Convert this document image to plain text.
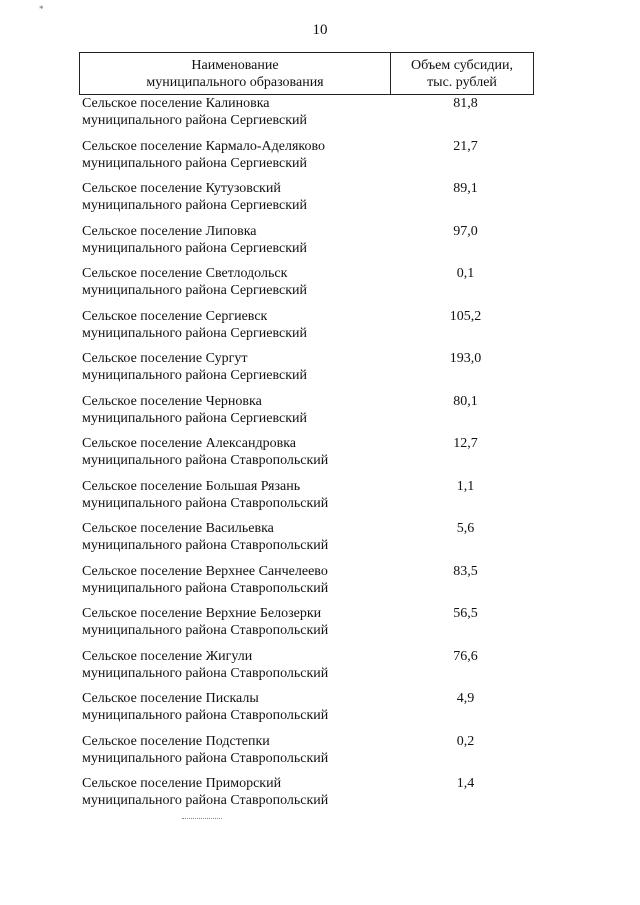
*
10
Наименование
муниципального образования
Объем субсидии,
тыс. рублей
Сельское поселение Калиновка
муниципального района Сергиевский
81,8
Сельское поселение Кармало-Аделяково
муниципального района Сергиевский
21,7
Сельское поселение Кутузовский
муниципального района Сергиевский
89,1
Сельское поселение Липовка
муниципального района Сергиевский
97,0
Сельское поселение Светлодольск
муниципального района Сергиевский
0,1
Сельское поселение Сергиевск
муниципального района Сергиевский
105,2
Сельское поселение Сургут
муниципального района Сергиевский
193,0
Сельское поселение Черновка
муниципального района Сергиевский
80,1
Сельское поселение Александровка
муниципального района Ставропольский
12,7
Сельское поселение Большая Рязань
муниципального района Ставропольский
1,1
Сельское поселение Васильевка
муниципального района Ставропольский
5,6
Сельское поселение Верхнее Санчелеево
муниципального района Ставропольский
83,5
Сельское поселение Верхние Белозерки
муниципального района Ставропольский
56,5
Сельское поселение Жигули
муниципального района Ставропольский
76,6
Сельское поселение Пискалы
муниципального района Ставропольский
4,9
Сельское поселение Подстепки
муниципального района Ставропольский
0,2
Сельское поселение Приморский
муниципального района Ставропольский
1,4
